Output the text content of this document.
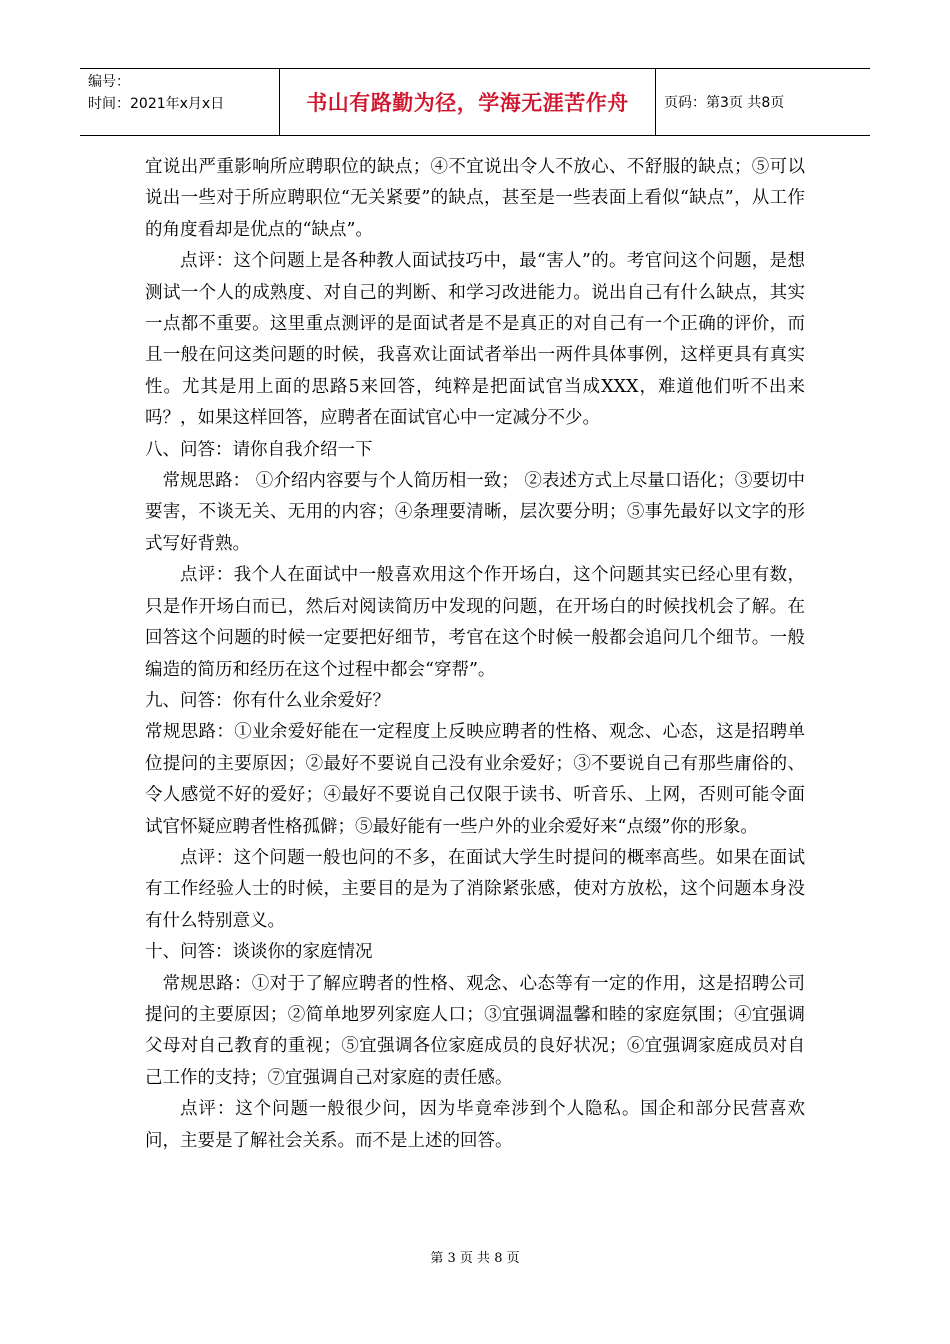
编号：
时间：2021年x月x日	书山有路勤为径，学海无涯苦作舟	页码：第3页 共8页

宜说出严重影响所应聘职位的缺点；④不宜说出令人不放心、不舒服的缺点；⑤可以说出一些对于所应聘职位“无关紧要”的缺点，甚至是一些表面上看似“缺点”，从工作的角度看却是优点的“缺点”。

点评：这个问题上是各种教人面试技巧中，最“害人”的。考官问这个问题，是想测试一个人的成熟度、对自己的判断、和学习改进能力。说出自己有什么缺点，其实一点都不重要。这里重点测评的是面试者是不是真正的对自己有一个正确的评价，而且一般在问这类问题的时候，我喜欢让面试者举出一两件具体事例，这样更具有真实性。尤其是用上面的思路5来回答，纯粹是把面试官当成XXX，难道他们听不出来吗？，如果这样回答，应聘者在面试官心中一定减分不少。

八、问答：请你自我介绍一下

常规思路： ①介绍内容要与个人简历相一致； ②表述方式上尽量口语化；③要切中要害，不谈无关、无用的内容；④条理要清晰，层次要分明；⑤事先最好以文字的形式写好背熟。

点评：我个人在面试中一般喜欢用这个作开场白，这个问题其实已经心里有数，只是作开场白而已，然后对阅读简历中发现的问题，在开场白的时候找机会了解。在回答这个问题的时候一定要把好细节，考官在这个时候一般都会追问几个细节。一般编造的简历和经历在这个过程中都会“穿帮”。

九、问答：你有什么业余爱好？

常规思路：①业余爱好能在一定程度上反映应聘者的性格、观念、心态，这是招聘单位提问的主要原因；②最好不要说自己没有业余爱好；③不要说自己有那些庸俗的、令人感觉不好的爱好；④最好不要说自己仅限于读书、听音乐、上网，否则可能令面试官怀疑应聘者性格孤僻；⑤最好能有一些户外的业余爱好来“点缀”你的形象。

点评：这个问题一般也问的不多，在面试大学生时提问的概率高些。如果在面试有工作经验人士的时候，主要目的是为了消除紧张感，使对方放松，这个问题本身没有什么特别意义。

十、问答：谈谈你的家庭情况

常规思路：①对于了解应聘者的性格、观念、心态等有一定的作用，这是招聘公司提问的主要原因；②简单地罗列家庭人口；③宜强调温馨和睦的家庭氛围；④宜强调父母对自己教育的重视；⑤宜强调各位家庭成员的良好状况；⑥宜强调家庭成员对自己工作的支持；⑦宜强调自己对家庭的责任感。

点评：这个问题一般很少问，因为毕竟牵涉到个人隐私。国企和部分民营喜欢问，主要是了解社会关系。而不是上述的回答。

第 3 页 共 8 页
